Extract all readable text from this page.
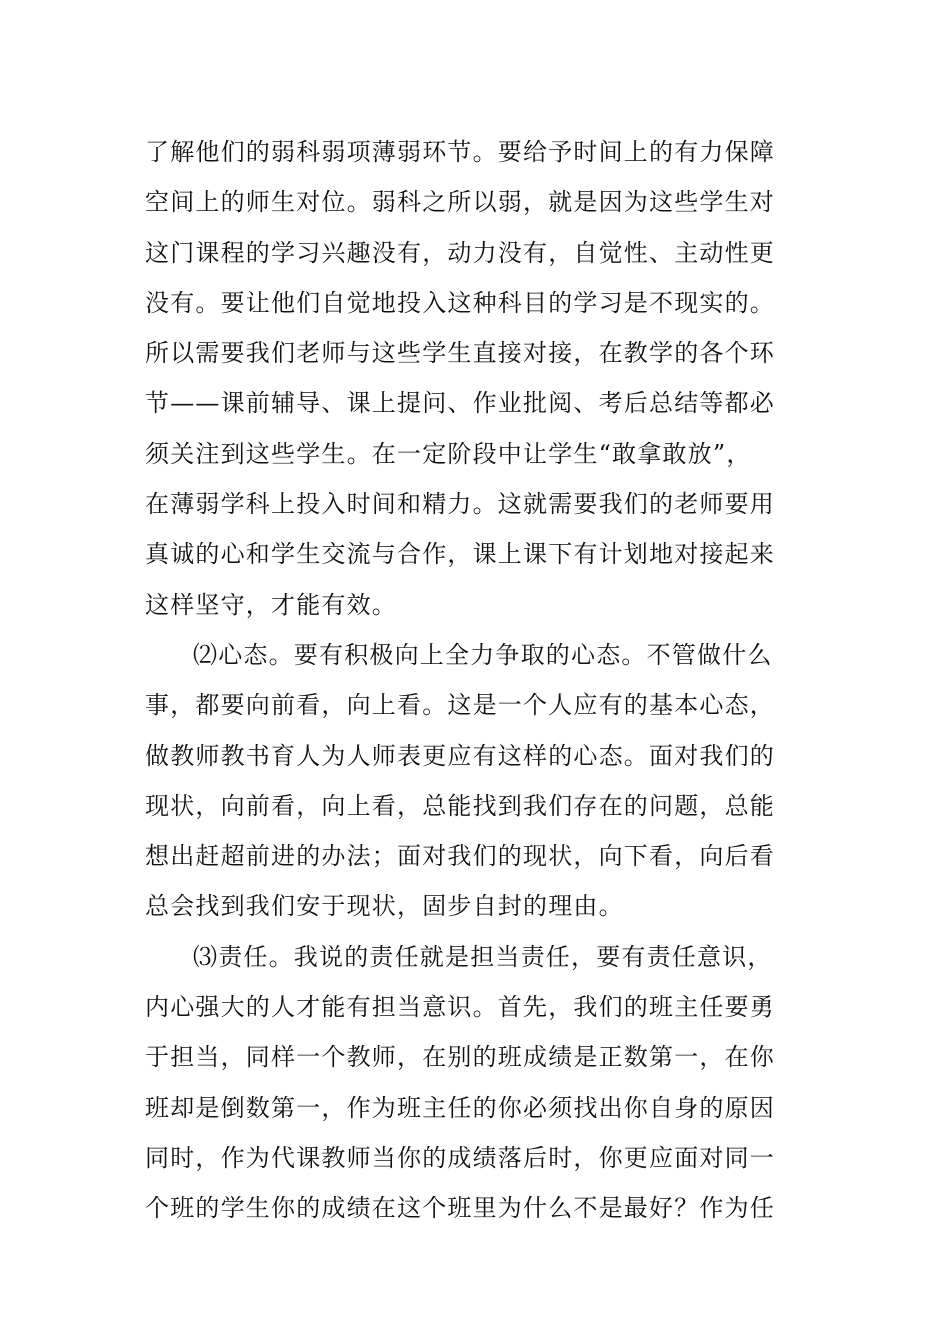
了解他们的弱科弱项薄弱环节。要给予时间上的有力保障
空间上的师生对位。弱科之所以弱，就是因为这些学生对
这门课程的学习兴趣没有，动力没有，自觉性、主动性更
没有。要让他们自觉地投入这种科目的学习是不现实的。
所以需要我们老师与这些学生直接对接，在教学的各个环
节——课前辅导、课上提问、作业批阅、考后总结等都必
须关注到这些学生。在一定阶段中让学生“敢拿敢放”，
在薄弱学科上投入时间和精力。这就需要我们的老师要用
真诚的心和学生交流与合作，课上课下有计划地对接起来
这样坚守，才能有效。
⑵心态。要有积极向上全力争取的心态。不管做什么
事，都要向前看，向上看。这是一个人应有的基本心态，
做教师教书育人为人师表更应有这样的心态。面对我们的
现状，向前看，向上看，总能找到我们存在的问题，总能
想出赶超前进的办法；面对我们的现状，向下看，向后看
总会找到我们安于现状，固步自封的理由。
⑶责任。我说的责任就是担当责任，要有责任意识，
内心强大的人才能有担当意识。首先，我们的班主任要勇
于担当，同样一个教师，在别的班成绩是正数第一，在你
班却是倒数第一，作为班主任的你必须找出你自身的原因
同时，作为代课教师当你的成绩落后时，你更应面对同一
个班的学生你的成绩在这个班里为什么不是最好？作为任
